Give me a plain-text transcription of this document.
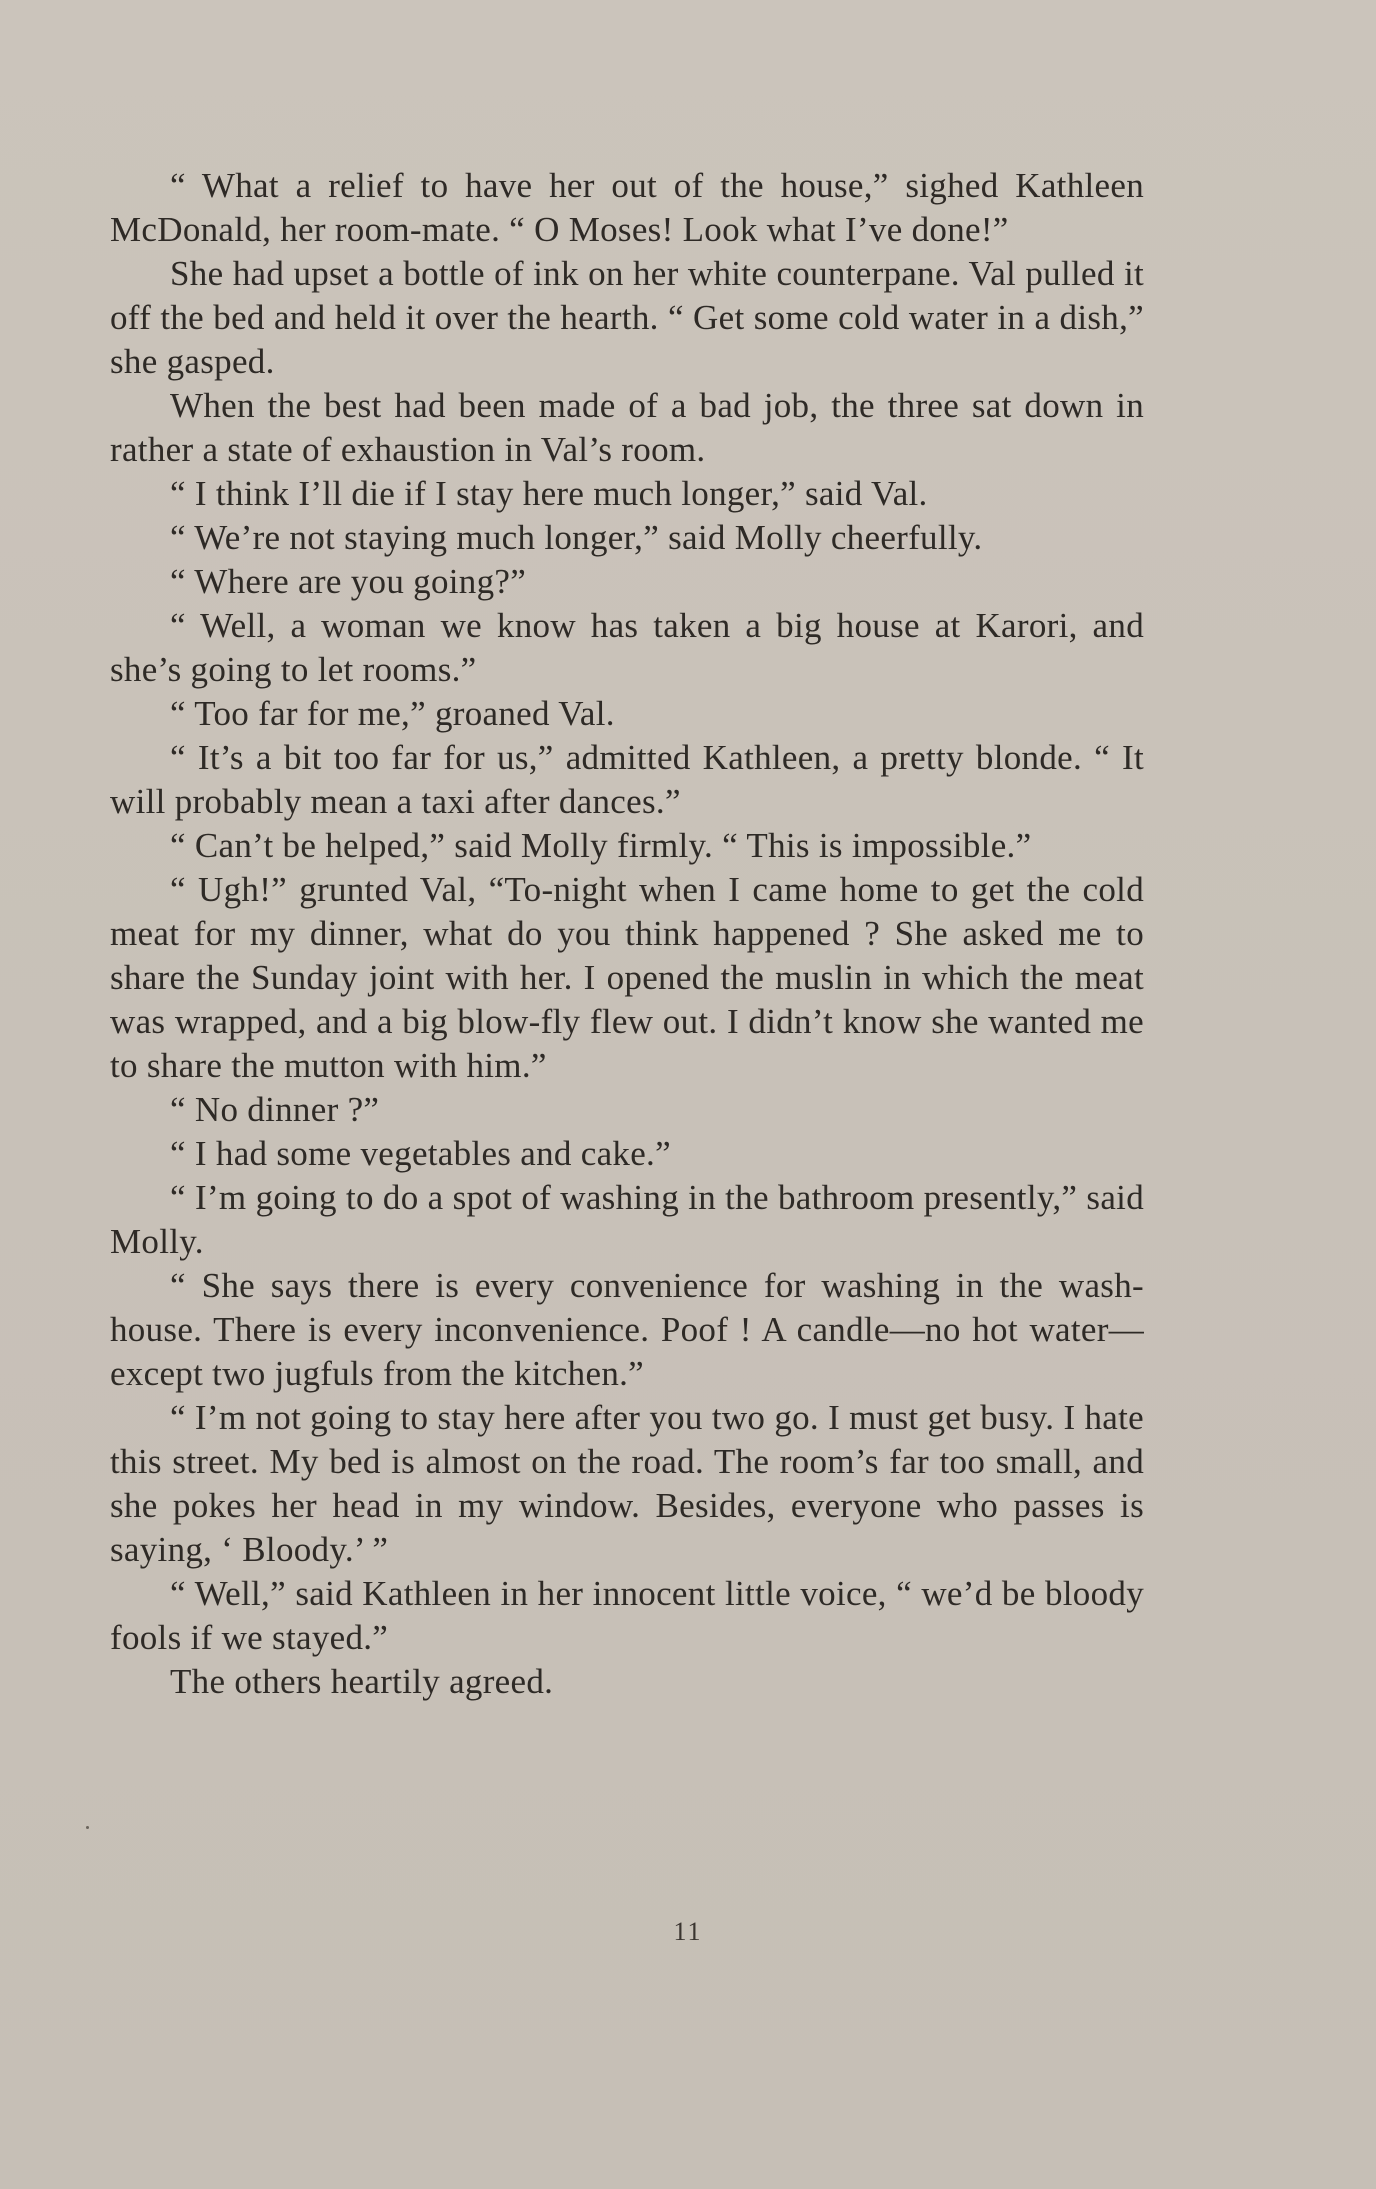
“ What a relief to have her out of the house,” sighed Kathleen McDonald, her room-mate. “ O Moses! Look what I’ve done!”

She had upset a bottle of ink on her white counterpane. Val pulled it off the bed and held it over the hearth. “ Get some cold water in a dish,” she gasped.

When the best had been made of a bad job, the three sat down in rather a state of exhaustion in Val’s room.

“ I think I’ll die if I stay here much longer,” said Val.

“ We’re not staying much longer,” said Molly cheerfully.

“ Where are you going?”

“ Well, a woman we know has taken a big house at Karori, and she’s going to let rooms.”

“ Too far for me,” groaned Val.

“ It’s a bit too far for us,” admitted Kathleen, a pretty blonde. “ It will probably mean a taxi after dances.”

“ Can’t be helped,” said Molly firmly. “ This is impossible.”

“ Ugh!” grunted Val, “To-night when I came home to get the cold meat for my dinner, what do you think happened ? She asked me to share the Sunday joint with her. I opened the muslin in which the meat was wrapped, and a big blow-fly flew out. I didn’t know she wanted me to share the mutton with him.”

“ No dinner ?”

“ I had some vegetables and cake.”

“ I’m going to do a spot of washing in the bathroom presently,” said Molly.

“ She says there is every convenience for washing in the wash-house. There is every inconvenience. Poof ! A candle—no hot water—except two jugfuls from the kitchen.”

“ I’m not going to stay here after you two go. I must get busy. I hate this street. My bed is almost on the road. The room’s far too small, and she pokes her head in my window. Besides, everyone who passes is saying, ‘ Bloody.’ ”

“ Well,” said Kathleen in her innocent little voice, “ we’d be bloody fools if we stayed.”

The others heartily agreed.

11
